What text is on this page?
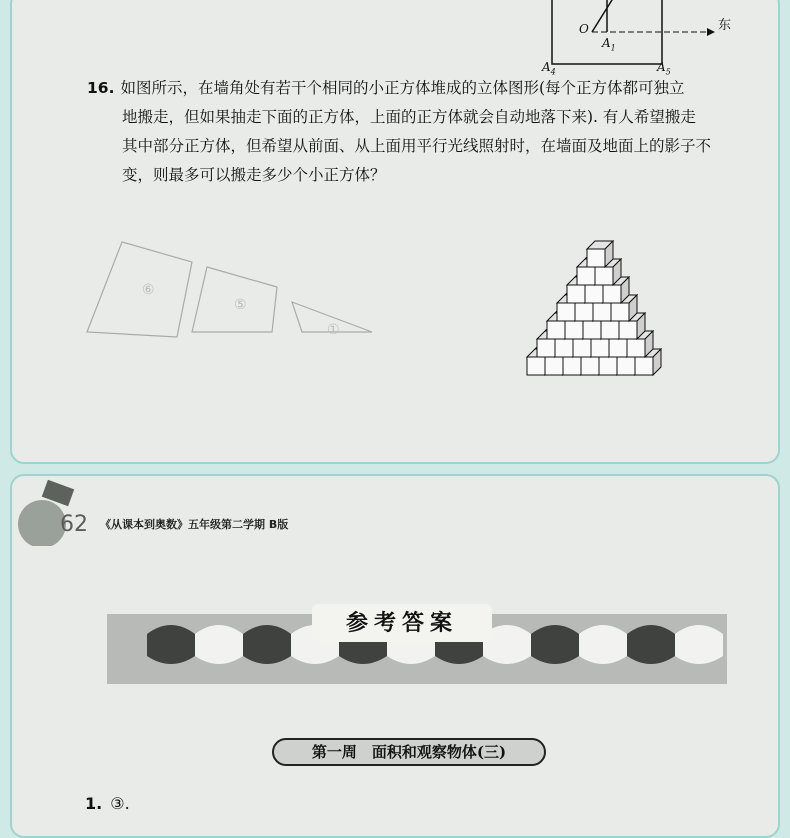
O	东
$A_1$
$A_4$	$A_5$
16. 如图所示，在墙角处有若干个相同的小正方体堆成的立体图形(每个正方体都可独立
地搬走，但如果抽走下面的正方体，上面的正方体就会自动地落下来). 有人希望搬走
其中部分正方体，但希望从前面、从上面用平行光线照射时，在墙面及地面上的影子不
变，则最多可以搬走多少个小正方体？
⑥
⑤
①
62 《从课本到奥数》五年级第二学期 B版
参考答案
第一周　面积和观察物体(三)
1. ③.
